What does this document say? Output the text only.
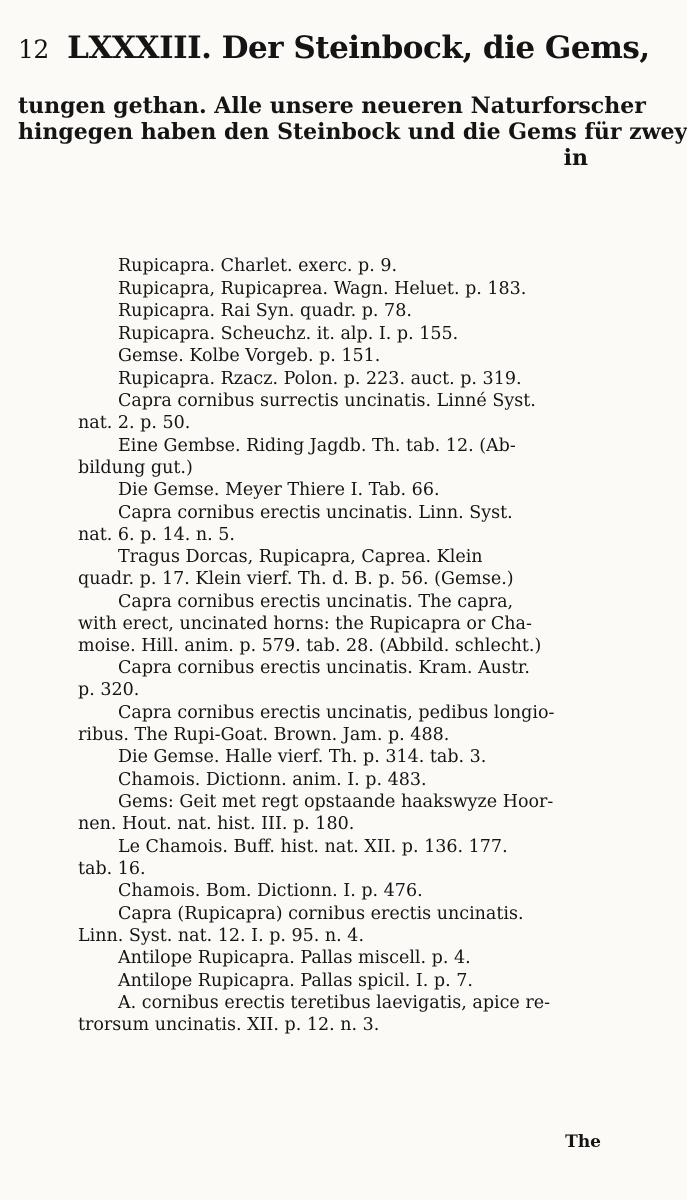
12 LXXXIII. Der Steinbock, die Gems,
tungen gethan. Alle unsere neueren Naturforscher
hingegen haben den Steinbock und die Gems für zwey
in
Rupicapra. Charlet. exerc. p. 9.
Rupicapra, Rupicaprea. Wagn. Heluet. p. 183.
Rupicapra. Rai Syn. quadr. p. 78.
Rupicapra. Scheuchz. it. alp. I. p. 155.
Gemse. Kolbe Vorgeb. p. 151.
Rupicapra. Rzacz. Polon. p. 223. auct. p. 319.
Capra cornibus surrectis uncinatis. Linné Syst.
nat. 2. p. 50.
Eine Gembse. Riding Jagdb. Th. tab. 12. (Ab-
bildung gut.)
Die Gemse. Meyer Thiere I. Tab. 66.
Capra cornibus erectis uncinatis. Linn. Syst.
nat. 6. p. 14. n. 5.
Tragus Dorcas, Rupicapra, Caprea. Klein
quadr. p. 17. Klein vierf. Th. d. B. p. 56. (Gemse.)
Capra cornibus erectis uncinatis. The capra,
with erect, uncinated horns: the Rupicapra or Cha-
moise. Hill. anim. p. 579. tab. 28. (Abbild. schlecht.)
Capra cornibus erectis uncinatis. Kram. Austr.
p. 320.
Capra cornibus erectis uncinatis, pedibus longio-
ribus. The Rupi-Goat. Brown. Jam. p. 488.
Die Gemse. Halle vierf. Th. p. 314. tab. 3.
Chamois. Dictionn. anim. I. p. 483.
Gems: Geit met regt opstaande haakswyze Hoor-
nen. Hout. nat. hist. III. p. 180.
Le Chamois. Buff. hist. nat. XII. p. 136. 177.
tab. 16.
Chamois. Bom. Dictionn. I. p. 476.
Capra (Rupicapra) cornibus erectis uncinatis.
Linn. Syst. nat. 12. I. p. 95. n. 4.
Antilope Rupicapra. Pallas miscell. p. 4.
Antilope Rupicapra. Pallas spicil. I. p. 7.
A. cornibus erectis teretibus laevigatis, apice re-
trorsum uncinatis. XII. p. 12. n. 3.
The
